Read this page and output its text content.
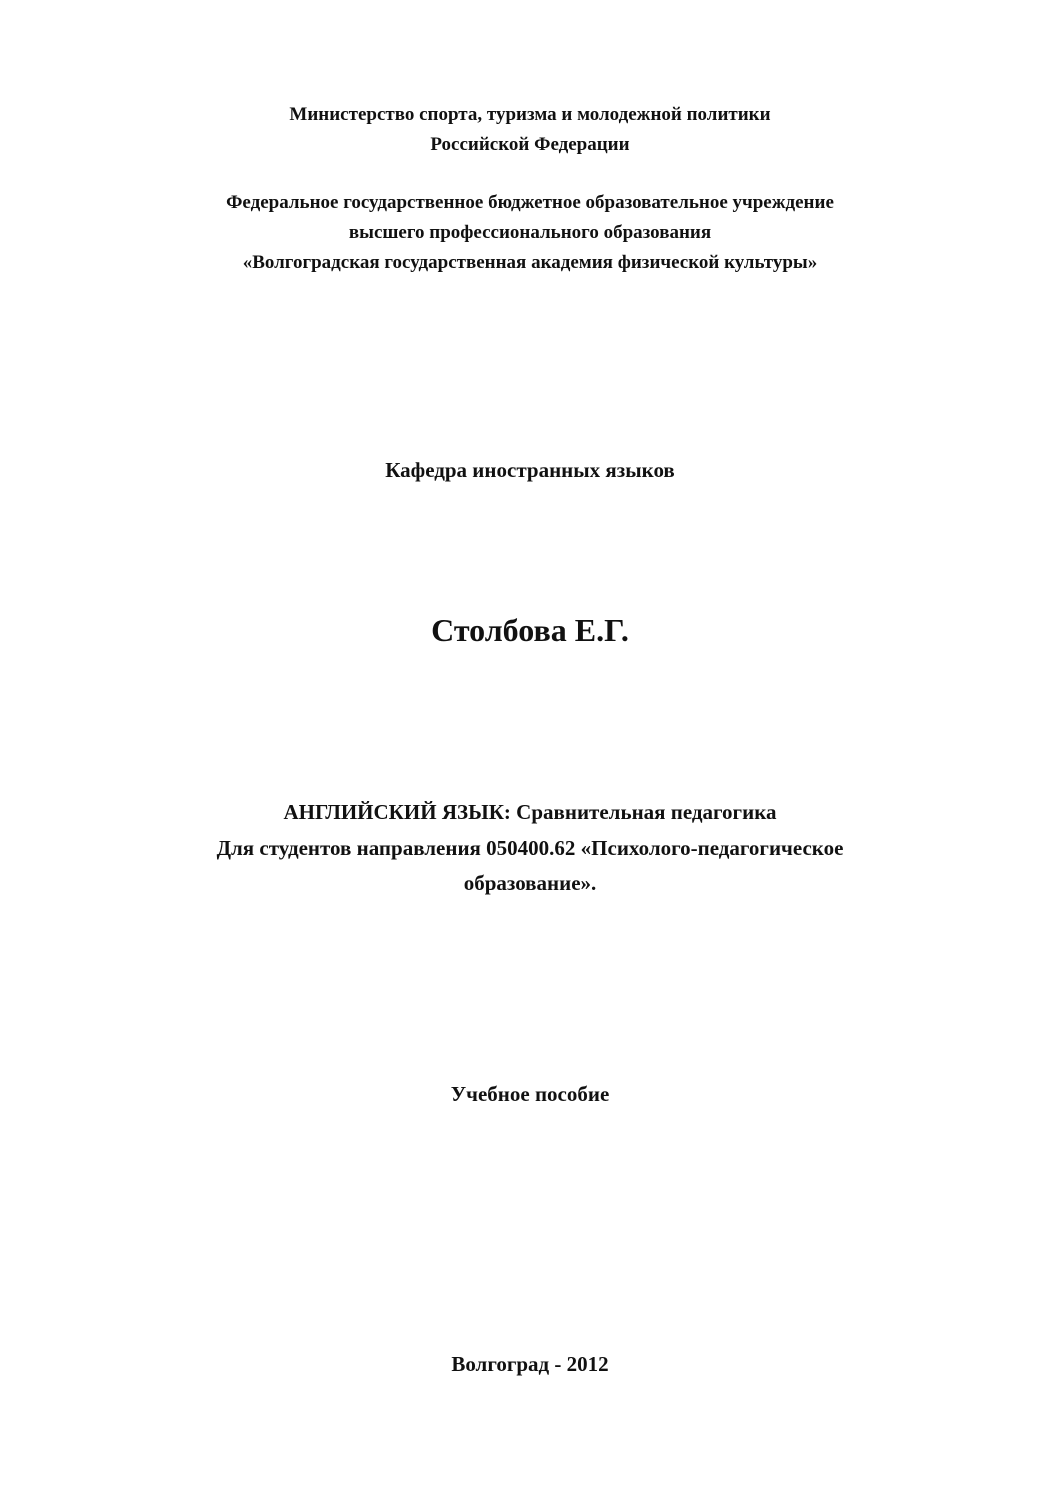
Министерство спорта, туризма и молодежной политики
Российской Федерации
Федеральное государственное бюджетное образовательное учреждение
высшего профессионального образования
«Волгоградская государственная академия физической культуры»
Кафедра иностранных языков
Столбова Е.Г.
АНГЛИЙСКИЙ ЯЗЫК: Сравнительная педагогика
Для студентов направления 050400.62 «Психолого-педагогическое
образование».
Учебное пособие
Волгоград - 2012
